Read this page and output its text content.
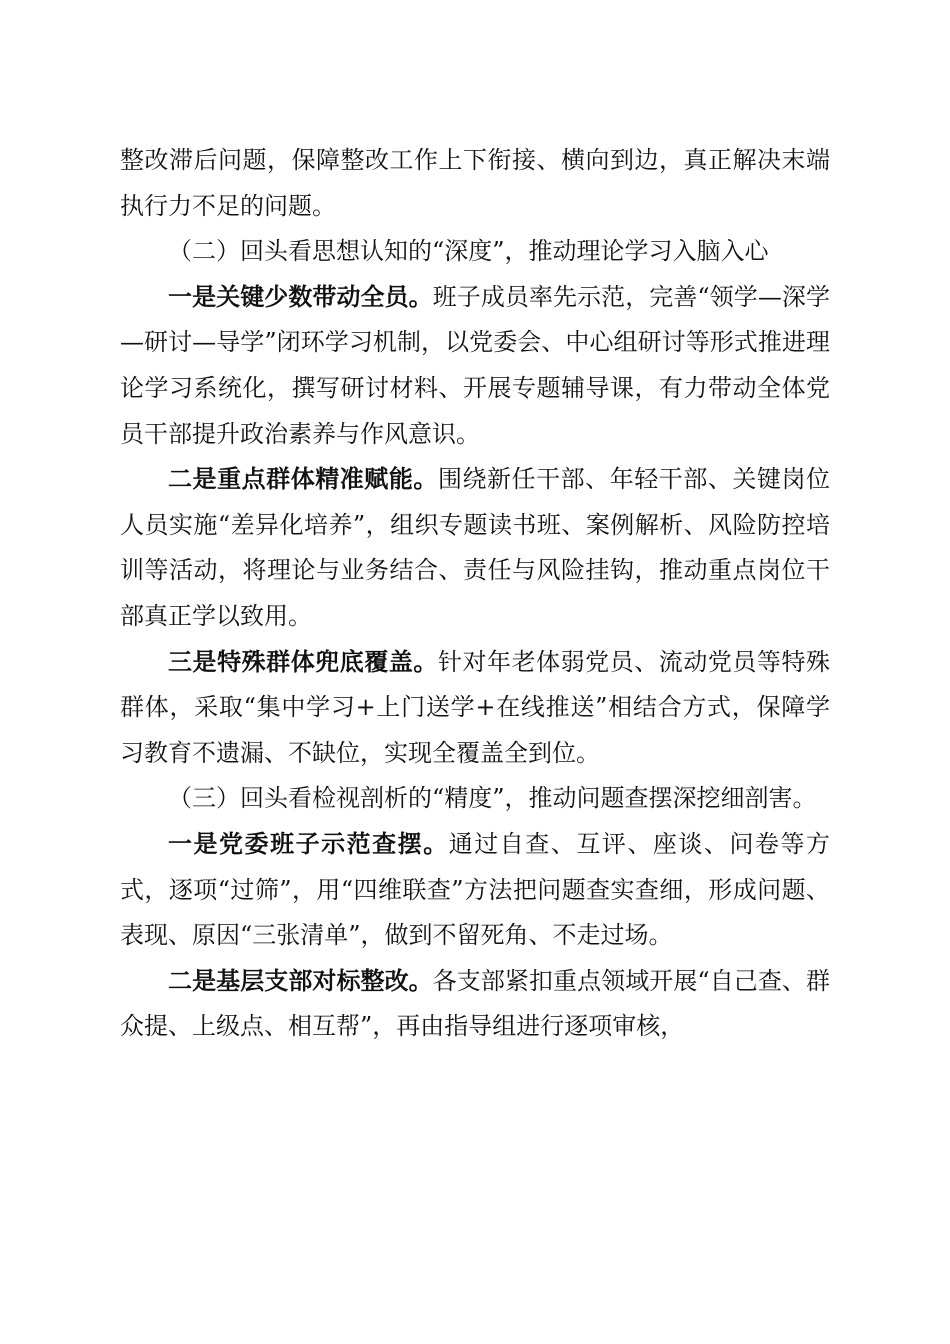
整改滞后问题，保障整改工作上下衔接、横向到边，真正解决末端执行力不足的问题。

（二）回头看思想认知的“深度”，推动理论学习入脑入心

一是关键少数带动全员。班子成员率先示范，完善“领学—深学—研讨—导学”闭环学习机制，以党委会、中心组研讨等形式推进理论学习系统化，撰写研讨材料、开展专题辅导课，有力带动全体党员干部提升政治素养与作风意识。

二是重点群体精准赋能。围绕新任干部、年轻干部、关键岗位人员实施“差异化培养”，组织专题读书班、案例解析、风险防控培训等活动，将理论与业务结合、责任与风险挂钩，推动重点岗位干部真正学以致用。

三是特殊群体兜底覆盖。针对年老体弱党员、流动党员等特殊群体，采取“集中学习+上门送学+在线推送”相结合方式，保障学习教育不遗漏、不缺位，实现全覆盖全到位。

（三）回头看检视剖析的“精度”，推动问题查摆深挖细剖害。

一是党委班子示范查摆。通过自查、互评、座谈、问卷等方式，逐项“过筛”，用“四维联查”方法把问题查实查细，形成问题、表现、原因“三张清单”，做到不留死角、不走过场。

二是基层支部对标整改。各支部紧扣重点领域开展“自己查、群众提、上级点、相互帮”，再由指导组进行逐项审核，
